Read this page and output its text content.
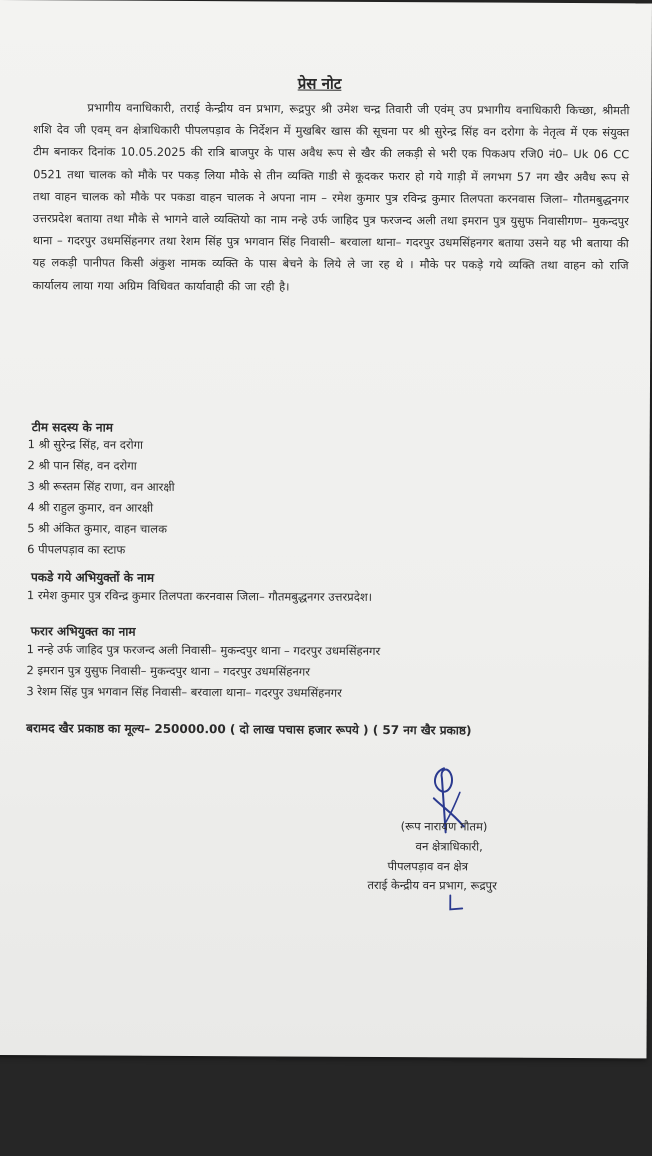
प्रेस नोट

प्रभागीय वनाधिकारी, तराई केन्द्रीय वन प्रभाग, रूद्रपुर श्री उमेश चन्द्र तिवारी जी एवंम् उप प्रभागीय वनाधिकारी किच्छा, श्रीमती शशि देव जी एवम् वन क्षेत्राधिकारी पीपलपड़ाव के निर्देशन में मुखबिर खास की सूचना पर श्री सुरेन्द्र सिंह वन दरोगा के नेतृत्व में एक संयुक्त टीम बनाकर दिनांक 10.05.2025 की रात्रि बाजपुर के पास अवैध रूप से खैर की लकड़ी से भरी एक पिकअप रजि0 नं0– Uk 06 CC 0521 तथा चालक को मौके पर पकड़ लिया मौके से तीन व्यक्ति गाडी से कूदकर फरार हो गये गाड़ी में लगभग 57 नग खैर अवैध रूप से तथा वाहन चालक को मौके पर पकडा वाहन चालक ने अपना नाम – रमेश कुमार पुत्र रविन्द्र कुमार तिलपता करनवास जिला– गौतमबुद्धनगर उत्तरप्रदेश बताया तथा मौके से भागने वाले व्यक्तियो का नाम नन्हे उर्फ जाहिद पुत्र फरजन्द अली तथा इमरान पुत्र युसुफ निवासीगण– मुकन्दपुर थाना – गदरपुर उधमसिंहनगर तथा रेशम सिंह पुत्र भगवान सिंह निवासी– बरवाला थाना– गदरपुर उधमसिंहनगर बताया उसने यह भी बताया की यह लकड़ी पानीपत किसी अंकुश नामक व्यक्ति के पास बेचने के लिये ले जा रह थे । मौके पर पकड़े गये व्यक्ति तथा वाहन को राजि कार्यालय लाया गया अग्रिम विधिवत कार्यावाही की जा रही है।

टीम सदस्य के नाम
1 श्री सुरेन्द्र सिंह, वन दरोगा
2 श्री पान सिंह, वन दरोगा
3 श्री रूस्तम सिंह राणा, वन आरक्षी
4 श्री राहुल कुमार, वन आरक्षी
5 श्री अंकित कुमार, वाहन चालक
6 पीपलपड़ाव का स्टाफ
पकडे गये अभियुक्तों के नाम
1 रमेश कुमार पुत्र रविन्द्र कुमार तिलपता करनवास जिला– गौतमबुद्धनगर उत्तरप्रदेश।
फरार अभियुक्त का नाम
1 नन्हे उर्फ जाहिद पुत्र फरजन्द अली निवासी– मुकन्दपुर थाना – गदरपुर उधमसिंहनगर
2 इमरान पुत्र युसुफ निवासी– मुकन्दपुर थाना – गदरपुर उधमसिंहनगर
3 रेशम सिंह पुत्र भगवान सिंह निवासी– बरवाला थाना– गदरपुर उधमसिंहनगर
बरामद खैर प्रकाष्ठ का मूल्य– 250000.00 ( दो लाख पचास हजार रूपये ) ( 57 नग खैर प्रकाष्ठ)
(रूप नारायण गौतम)
वन क्षेत्राधिकारी,
पीपलपड़ाव वन क्षेत्र
तराई केन्द्रीय वन प्रभाग, रूद्रपुर
